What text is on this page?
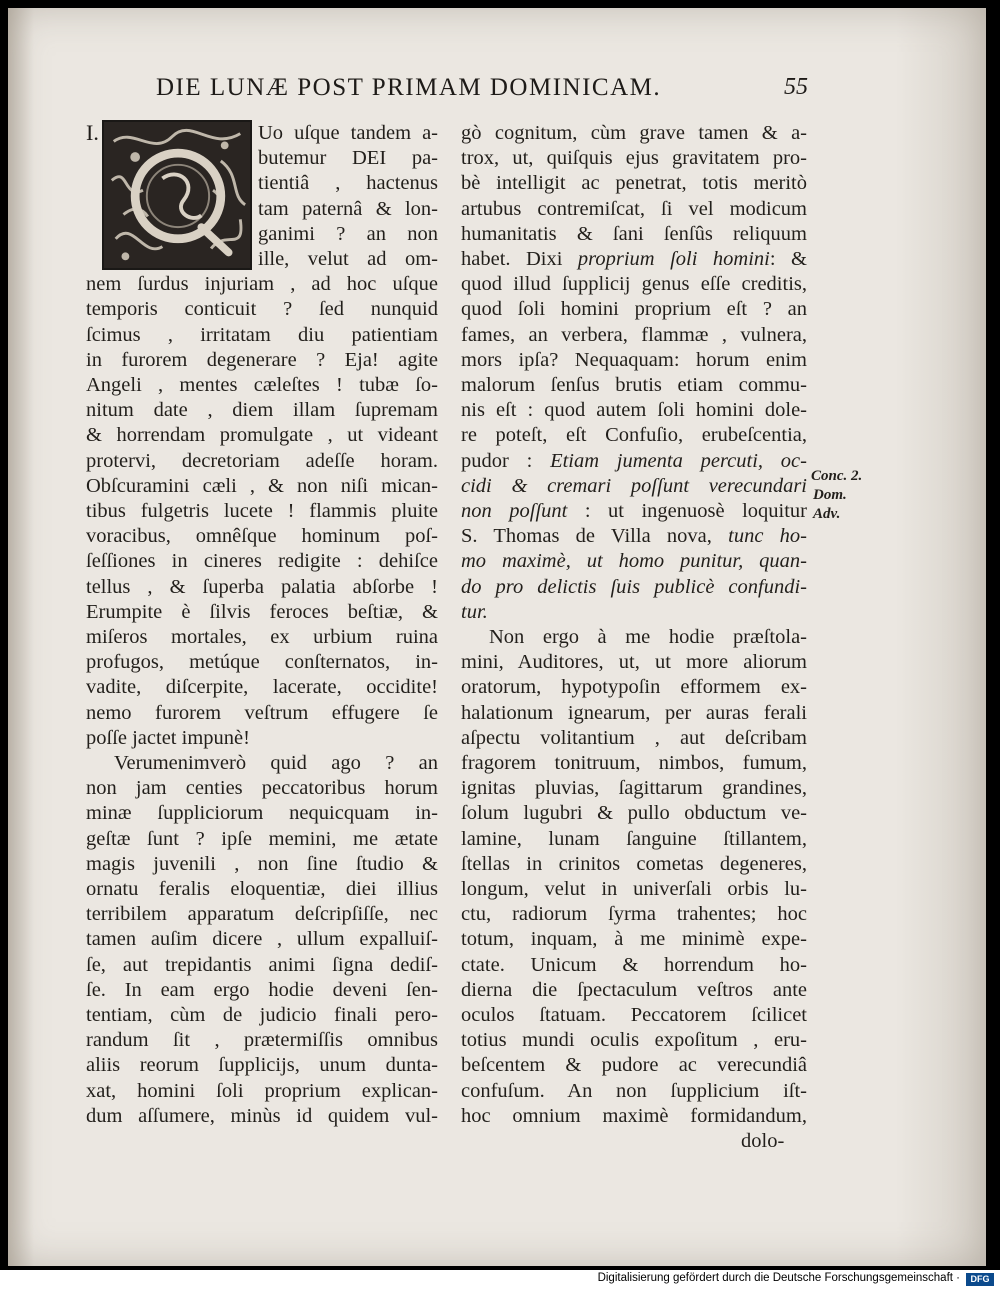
DIE LUNÆ POST PRIMAM DOMINICAM.	55
I.	Uo uſque tandem a-
butemur DEI pa-
tientiâ , hactenus
tam paternâ & lon-
ganimi ? an non
ille, velut ad om-
nem ſurdus injuriam , ad hoc uſque
temporis conticuit ? ſed nunquid
ſcimus , irritatam diu patientiam
in furorem degenerare ? Eja! agite
Angeli , mentes cæleſtes ! tubæ ſo-
nitum date , diem illam ſupremam
& horrendam promulgate , ut videant
protervi, decretoriam adeſſe horam.
Obſcuramini cæli , & non niſi mican-
tibus fulgetris lucete ! flammis pluite
voracibus, omnêſque hominum poſ-
ſeſſiones in cineres redigite : dehiſce
tellus , & ſuperba palatia abſorbe !
Erumpite è ſilvis feroces beſtiæ, &
miſeros mortales, ex urbium ruina
profugos, metúque conſternatos, in-
vadite, diſcerpite, lacerate, occidite!
nemo furorem veſtrum effugere ſe
poſſe jactet impunè!
Verumenimverò quid ago ? an
non jam centies peccatoribus horum
minæ ſuppliciorum nequicquam in-
geſtæ ſunt ? ipſe memini, me ætate
magis juvenili , non ſine ſtudio &
ornatu feralis eloquentiæ, diei illius
terribilem apparatum deſcripſiſſe, nec
tamen auſim dicere , ullum expalluiſ-
ſe, aut trepidantis animi ſigna dediſ-
ſe. In eam ergo hodie deveni ſen-
tentiam, cùm de judicio finali pero-
randum ſit , prætermiſſis omnibus
aliis reorum ſupplicijs, unum dunta-
xat, homini ſoli proprium explican-
dum aſſumere, minùs id quidem vul-
gò cognitum, cùm grave tamen & a-
trox, ut, quiſquis ejus gravitatem pro-
bè intelligit ac penetrat, totis meritò
artubus contremiſcat, ſi vel modicum
humanitatis & ſani ſenſûs reliquum
habet. Dixi proprium ſoli homini: &
quod illud ſupplicij genus eſſe creditis,
quod ſoli homini proprium eſt ? an
fames, an verbera, flammæ , vulnera,
mors ipſa? Nequaquam: horum enim
malorum ſenſus brutis etiam commu-
nis eſt : quod autem ſoli homini dole-
re poteſt, eſt Confuſio, erubeſcentia,
pudor : Etiam jumenta percuti, oc-
cidi & cremari poſſunt verecundari
non poſſunt : ut ingenuosè loquitur
S. Thomas de Villa nova, tunc ho-
mo maximè, ut homo punitur, quan-
do pro delictis ſuis publicè confundi-
tur.
Non ergo à me hodie præſtola-
mini, Auditores, ut, ut more aliorum
oratorum, hypotypoſin efformem ex-
halationum ignearum, per auras ferali
aſpectu volitantium , aut deſcribam
fragorem tonitruum, nimbos, fumum,
ignitas pluvias, ſagittarum grandines,
ſolum lugubri & pullo obductum ve-
lamine, lunam ſanguine ſtillantem,
ſtellas in crinitos cometas degeneres,
longum, velut in univerſali orbis lu-
ctu, radiorum ſyrma trahentes; hoc
totum, inquam, à me minimè expe-
ctate. Unicum & horrendum ho-
dierna die ſpectaculum veſtros ante
oculos ſtatuam. Peccatorem ſcilicet
totius mundi oculis expoſitum , eru-
beſcentem & pudore ac verecundiâ
confuſum. An non ſupplicium iſt-
hoc omnium maximè formidandum,
dolo-
Conc. 2.
Dom.
Adv.
Digitalisierung gefördert durch die Deutsche Forschungsgemeinschaft ·	DFG
